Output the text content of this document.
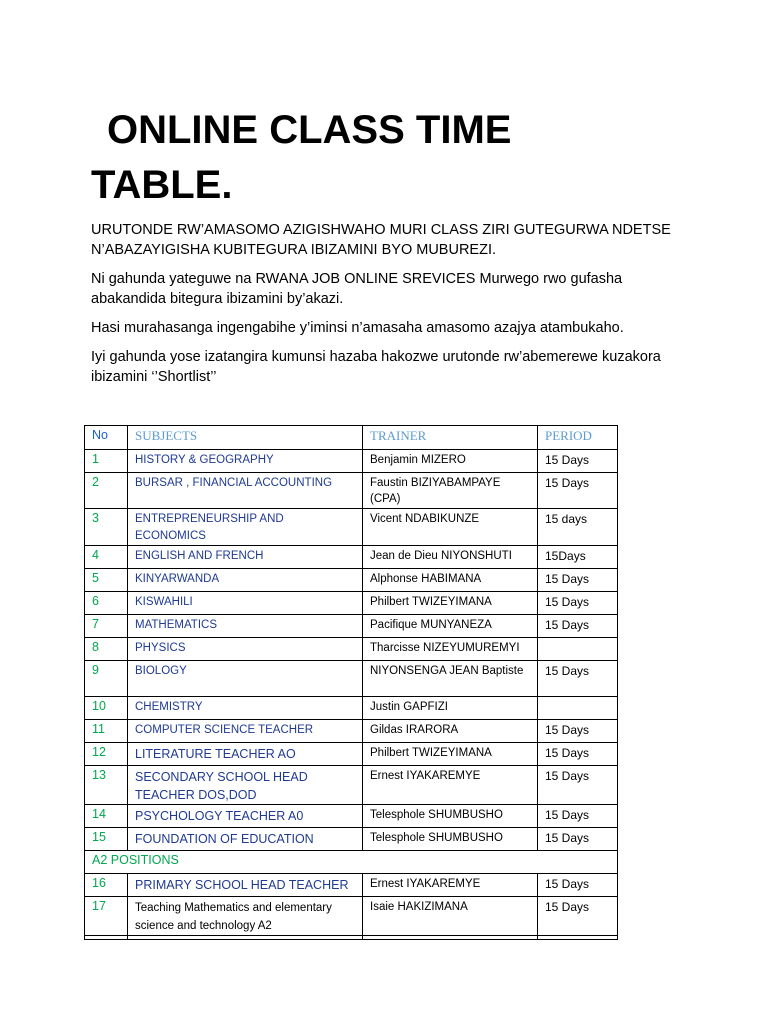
ONLINE CLASS TIME
TABLE.

URUTONDE RW’AMASOMO AZIGISHWAHO MURI CLASS ZIRI GUTEGURWA NDETSE N’ABAZAYIGISHA KUBITEGURA IBIZAMINI BYO MUBUREZI.

Ni gahunda yateguwe na RWANA JOB ONLINE SREVICES Murwego rwo gufasha abakandida bitegura ibizamini by’akazi.

Hasi murahasanga ingengabihe y’iminsi n’amasaha amasomo azajya atambukaho.

Iyi gahunda yose izatangira kumunsi hazaba hakozwe urutonde rw’abemerewe kuzakora ibizamini ‘’Shortlist’’

No	SUBJECTS	TRAINER	PERIOD
1	HISTORY & GEOGRAPHY	Benjamin MIZERO	15 Days
2	BURSAR , FINANCIAL ACCOUNTING	Faustin BIZIYABAMPAYE (CPA)	15 Days
3	ENTREPRENEURSHIP AND ECONOMICS	Vicent NDABIKUNZE	15 days
4	ENGLISH AND FRENCH	Jean de Dieu NIYONSHUTI	15Days
5	KINYARWANDA	Alphonse HABIMANA	15 Days
6	KISWAHILI	Philbert TWIZEYIMANA	15 Days
7	MATHEMATICS	Pacifique MUNYANEZA	15 Days
8	PHYSICS	Tharcisse NIZEYUMUREMYI	
9	BIOLOGY	NIYONSENGA JEAN Baptiste	15 Days
10	CHEMISTRY	Justin GAPFIZI	
11	COMPUTER SCIENCE TEACHER	Gildas IRARORA	15 Days
12	LITERATURE TEACHER AO	Philbert TWIZEYIMANA	15 Days
13	SECONDARY SCHOOL HEAD TEACHER DOS,DOD	Ernest IYAKAREMYE	15 Days
14	PSYCHOLOGY TEACHER A0	Telesphole SHUMBUSHO	15 Days
15	FOUNDATION OF EDUCATION	Telesphole SHUMBUSHO	15 Days
A2 POSITIONS			
16	PRIMARY SCHOOL HEAD TEACHER	Ernest IYAKAREMYE	15 Days
17	Teaching Mathematics and elementary science and technology A2	Isaie HAKIZIMANA	15 Days
